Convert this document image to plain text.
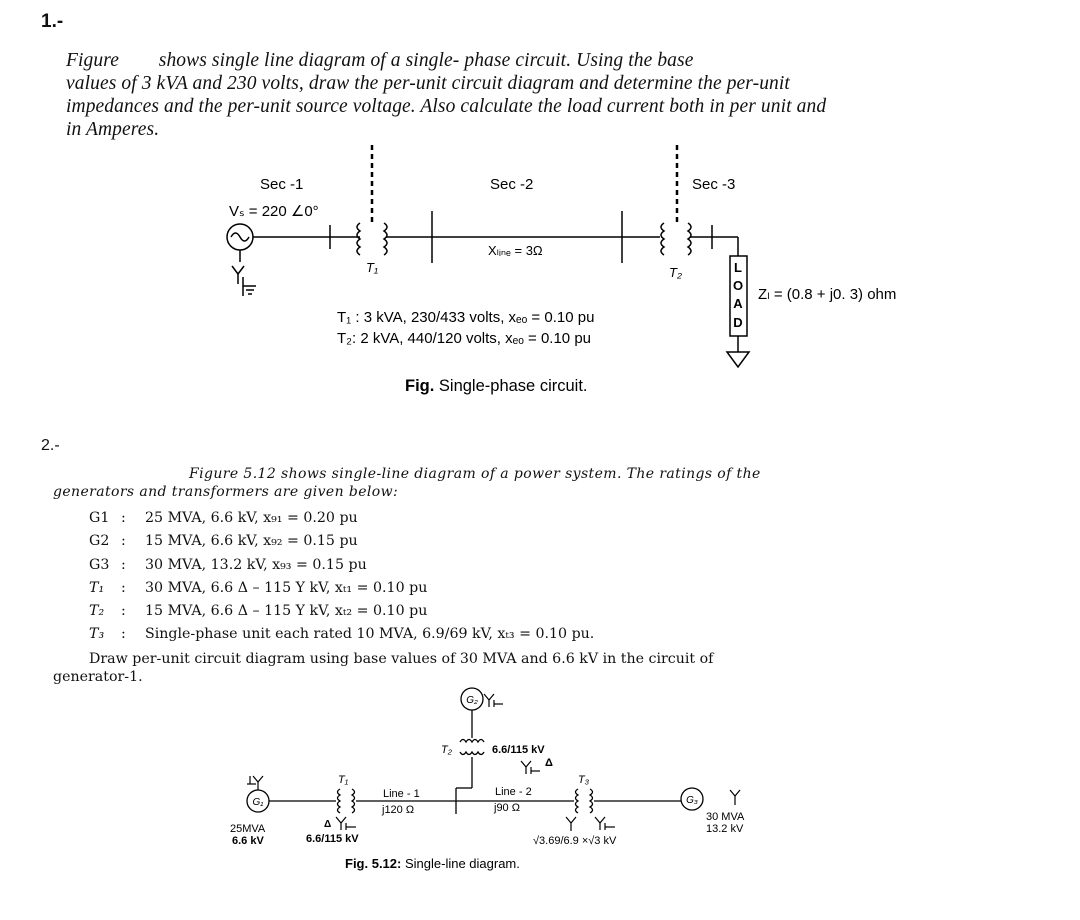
1.-
Figure        shows single line diagram of a single- phase circuit. Using the base
values of 3 kVA and 230 volts, draw the per-unit circuit diagram and determine the per-unit
impedances and the per-unit source voltage. Also calculate the load current both in per unit and
in Amperes.
Sec -1	Sec -2	Sec -3
Vₛ = 220 ∠0°
T₁
Xₗᵢₙₑ = 3Ω
T₂	L
O
A
D
Zₗ = (0.8 + j0. 3) ohm
T₁ : 3 kVA, 230/433 volts, xₑₒ = 0.10 pu
T₂: 2 kVA, 440/120 volts, xₑₒ = 0.10 pu
Fig. Single-phase circuit.
2.-
Figure 5.12 shows single-line diagram of a power system. The ratings of the
generators and transformers are given below:
G1 : 25 MVA, 6.6 kV, x₉₁ = 0.20 pu
G2 : 15 MVA, 6.6 kV, x₉₂ = 0.15 pu
G3 : 30 MVA, 13.2 kV, x₉₃ = 0.15 pu
T₁ : 30 MVA, 6.6 Δ – 115 Y kV, xₜ₁ = 0.10 pu
T₂ : 15 MVA, 6.6 Δ – 115 Y kV, xₜ₂ = 0.10 pu
T₃ : Single-phase unit each rated 10 MVA, 6.9/69 kV, xₜ₃ = 0.10 pu.
Draw per-unit circuit diagram using base values of 30 MVA and 6.6 kV in the circuit of
generator-1.
G₂
T₂	6.6/115 kV
Δ
G₁
25MVA
6.6 kV
T₁
Δ
6.6/115 kV
Line - 1
j120 Ω
Line - 2
j90 Ω
T₃
√3.69/6.9 ×√3 kV
G₃
30 MVA
13.2 kV
Fig. 5.12: Single-line diagram.
